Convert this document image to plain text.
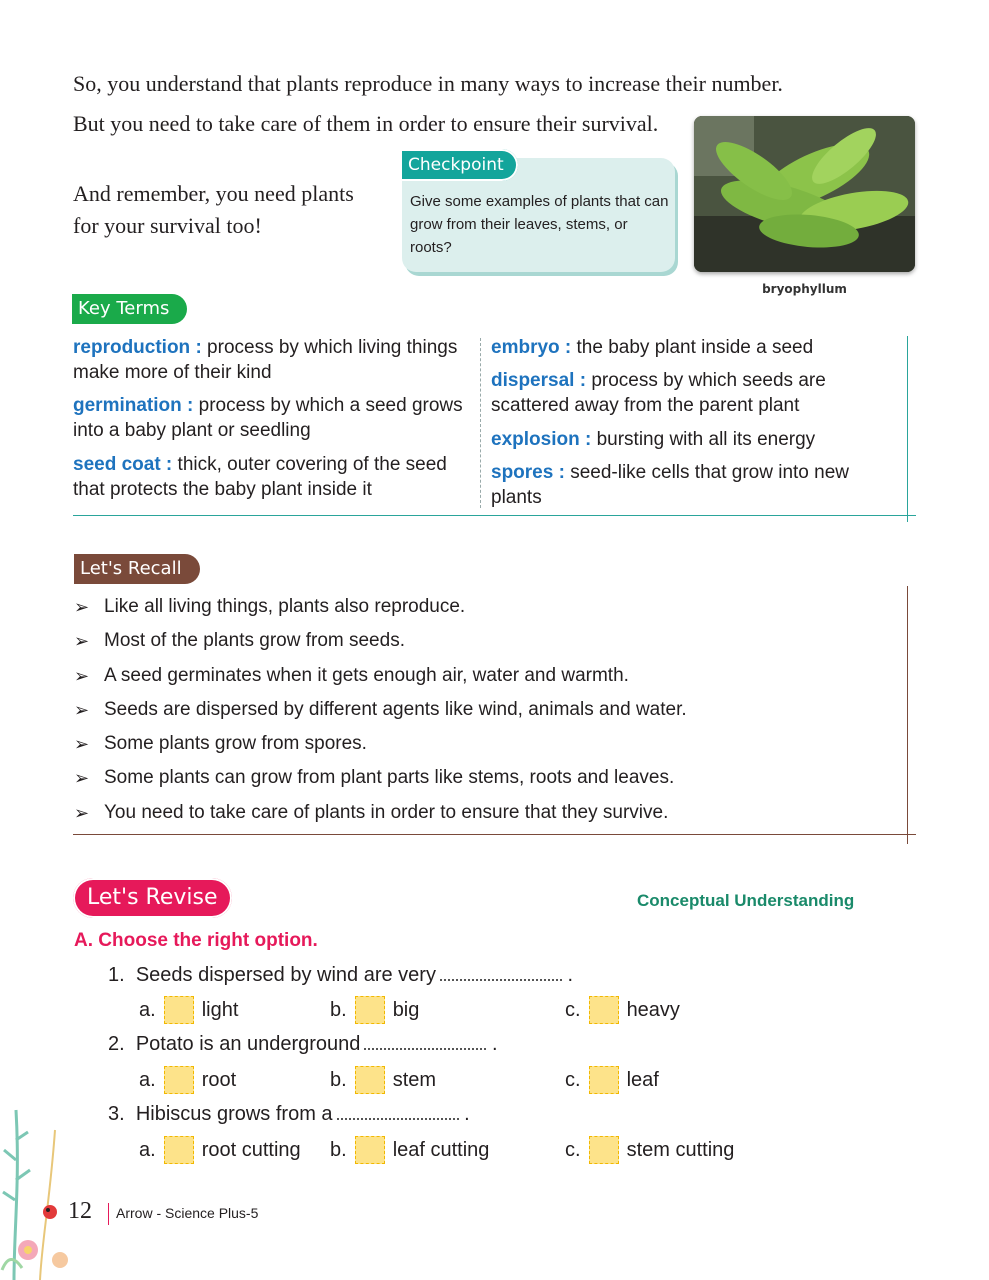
So, you understand that plants reproduce in many ways to increase their number.
But you need to take care of them in order to ensure their survival.
And remember, you need plants for your survival too!
Checkpoint
Give some examples of plants that can grow from their leaves, stems, or roots?
bryophyllum
Key Terms
reproduction : process by which living things make more of their kind
germination : process by which a seed grows into a baby plant or seedling
seed coat : thick, outer covering of the seed that protects the baby plant inside it
embryo : the baby plant inside a seed
dispersal : process by which seeds are scattered away from the parent plant
explosion : bursting with all its energy
spores : seed-like cells that grow into new plants
Let's Recall
➢ Like all living things, plants also reproduce.
➢ Most of the plants grow from seeds.
➢ A seed germinates when it gets enough air, water and warmth.
➢ Seeds are dispersed by different agents like wind, animals and water.
➢ Some plants grow from spores.
➢ Some plants can grow from plant parts like stems, roots and leaves.
➢ You need to take care of plants in order to ensure that they survive.
Let's Revise	Conceptual Understanding
A. Choose the right option.
1. Seeds dispersed by wind are very	.
a. light	b. big	c. heavy
2. Potato is an underground	.
a. root	b. stem	c. leaf
3. Hibiscus grows from a	.
a. root cutting b. leaf cutting	c. stem cutting
12 Arrow - Science Plus-5
